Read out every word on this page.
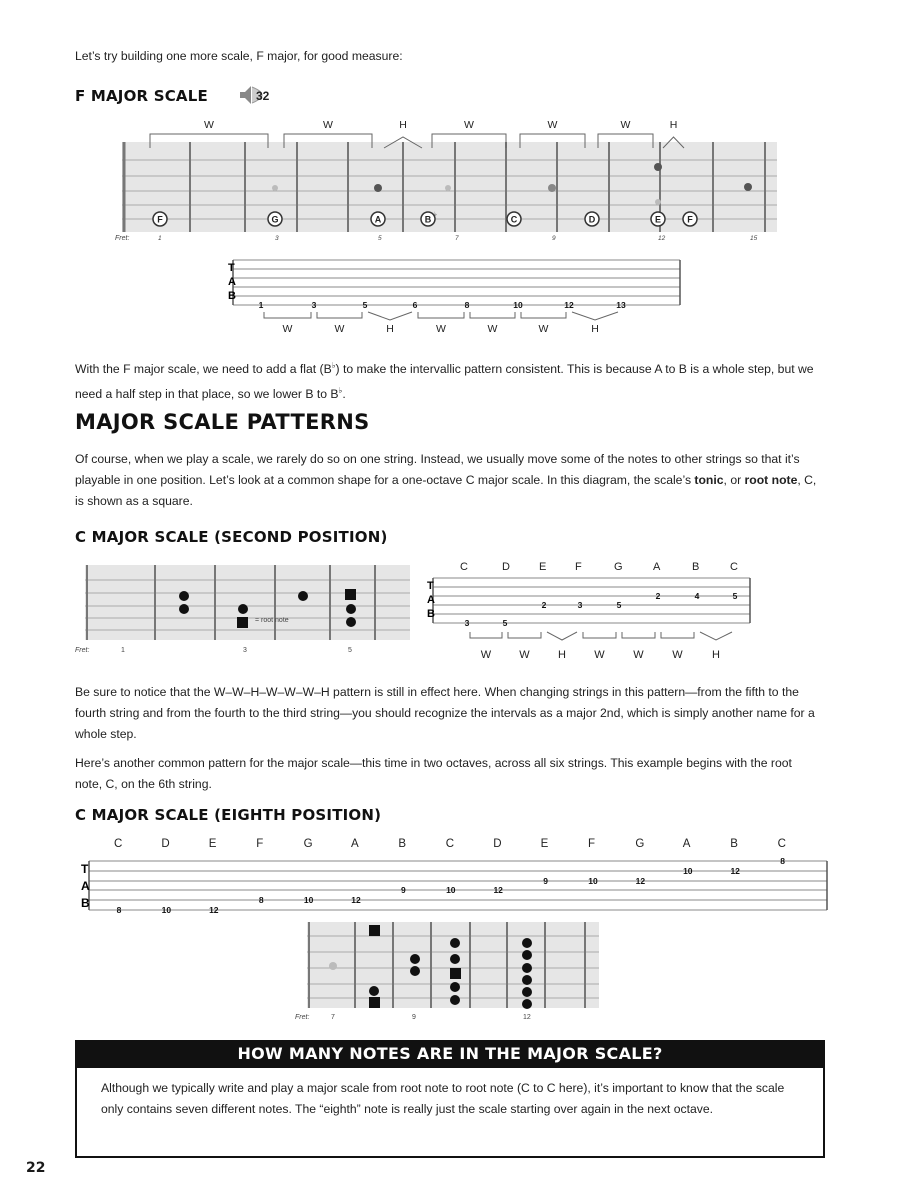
Let’s try building one more scale, F major, for good measure:
F MAJOR SCALE	32
W	W	H	W	W	W	H
F	G	A	B ♭	C	D	E	F
Fret:	1	3	5	7	9	12	15
T
A
B
1	3	5	6	8	10	12	13
W	W	H	W	W	W	H
With the F major scale, we need to add a flat (B♭) to make the intervallic pattern consistent. This is because A to B is a whole step, but we need a half step in that place, so we lower B to B♭.
MAJOR SCALE PATTERNS
Of course, when we play a scale, we rarely do so on one string. Instead, we usually move some of the notes to other strings so that it’s playable in one position. Let’s look at a common shape for a one-octave C major scale. In this diagram, the scale’s tonic, or root note, C, is shown as a square.
C MAJOR SCALE (SECOND POSITION)
= root note
Fret:	1	3	5
C	D	E	F	G	A	B	C
T
A
B
3	5
2	3	5
2	4	5
W	W	H	W	W	W	H
Be sure to notice that the W–W–H–W–W–W–H pattern is still in effect here. When changing strings in this pattern—from the fifth to the fourth string and from the fourth to the third string—you should recognize the intervals as a major 2nd, which is simply another name for a whole step.
Here’s another common pattern for the major scale—this time in two octaves, across all six strings. This example begins with the root note, C, on the 6th string.
C MAJOR SCALE (EIGHTH POSITION)
C	D	E	F	G	A	B	C	D	E	F	G	A	B	C
T
A
B	8	10	12
8	10	12
9	10	12
9	10	12
10	12
8
Fret:	7	9	12
HOW MANY NOTES ARE IN THE MAJOR SCALE?

Although we typically write and play a major scale from root note to root note (C to C here), it’s important to know that the scale only contains seven different notes. The “eighth” note is really just the scale starting over again in the next octave.

22
